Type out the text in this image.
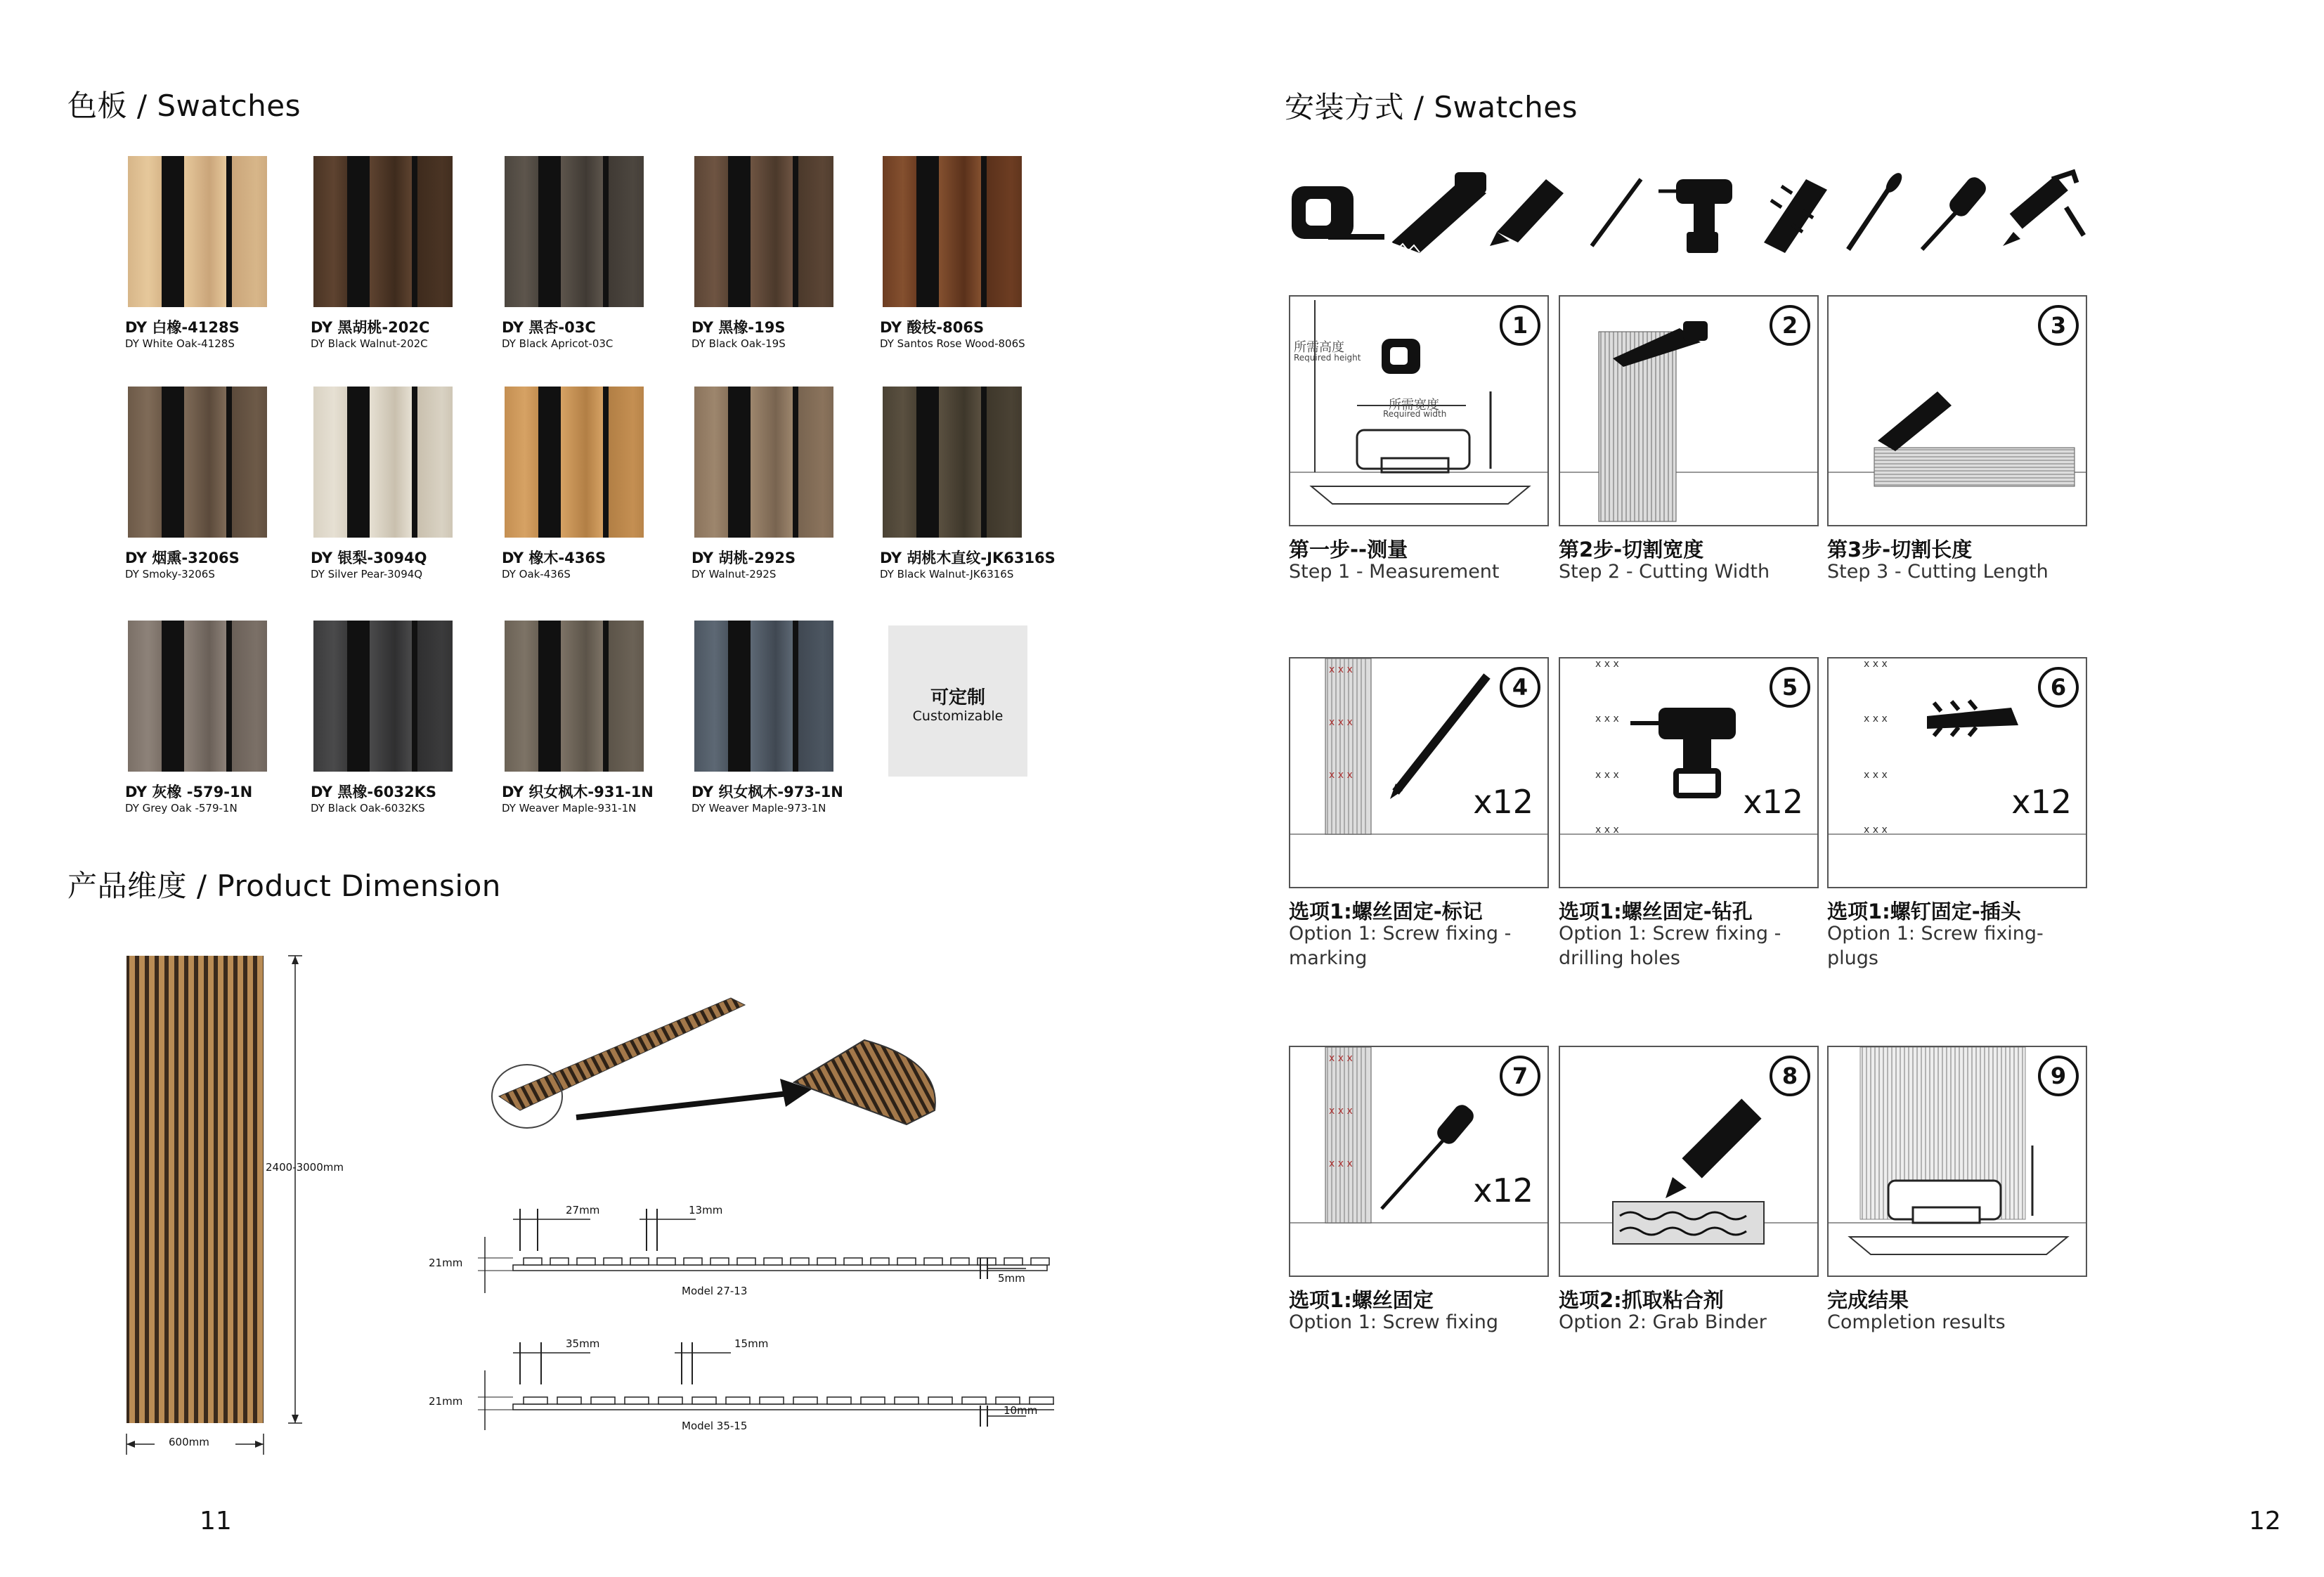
色板 / Swatches
DY 白橡-4128S
DY White Oak-4128S
DY 黑胡桃-202C
DY Black Walnut-202C
DY 黑杏-03C
DY Black Apricot-03C
DY 黑橡-19S
DY Black Oak-19S
DY 酸枝-806S
DY Santos Rose Wood-806S
DY 烟熏-3206S
DY Smoky-3206S
DY 银梨-3094Q
DY Silver Pear-3094Q
DY 橡木-436S
DY Oak-436S
DY 胡桃-292S
DY Walnut-292S
DY 胡桃木直纹-JK6316S
DY Black Walnut-JK6316S
DY 灰橡 -579-1N
DY Grey Oak -579-1N
DY 黑橡-6032KS
DY Black Oak-6032KS
DY 织女枫木-931-1N
DY Weaver Maple-931-1N
DY 织女枫木-973-1N
DY Weaver Maple-973-1N
可定制
Customizable
产品维度 / Product Dimension
2400-3000mm
600mm
27mm	13mm
21mm
5mm
Model 27-13
35mm	15mm
21mm
10mm
Model 35-15
11
安装方式 / Swatches
1
所需高度
Required height
所需宽度
Required width
第一步--测量
Step 1 - Measurement
2
第2步-切割宽度
Step 2 - Cutting Width
3
第3步-切割长度
Step 3 - Cutting Length
x x x
x x x
x x x
4
x12
选项1:螺丝固定-标记
Option 1: Screw fixing - marking
x x x
x x x
x x x
x x x
5
x12
选项1:螺丝固定-钻孔
Option 1: Screw fixing - drilling holes
x x x
x x x
x x x
x x x
6
x12
选项1:螺钉固定-插头
Option 1: Screw fixing-plugs
x x x
x x x
x x x
7
x12
选项1:螺丝固定
Option 1: Screw fixing
8
选项2:抓取粘合剂
Option 2: Grab Binder
9
完成结果
Completion results
12
